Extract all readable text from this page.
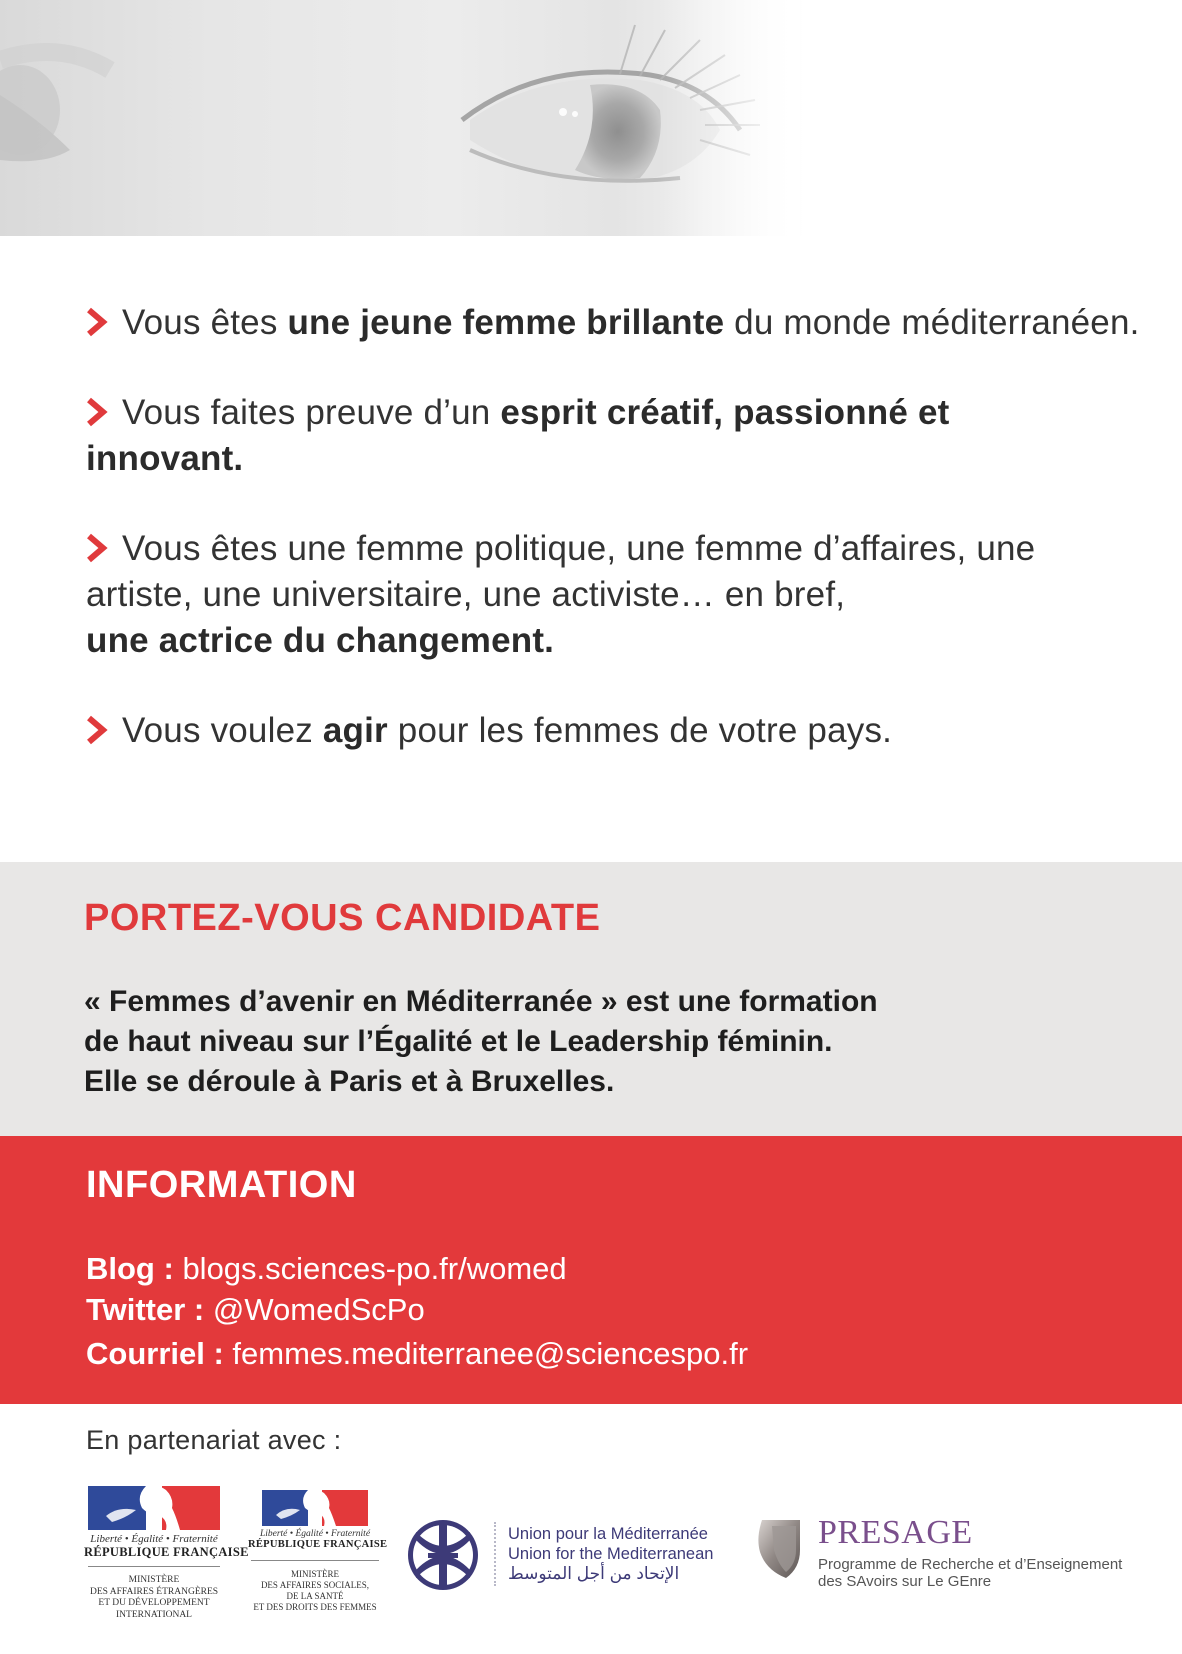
Vous êtes une jeune femme brillante du monde méditerranéen.
Vous faites preuve d’un esprit créatif, passionné et innovant.
Vous êtes une femme politique, une femme d’affaires, une artiste, une universitaire, une activiste… en bref,
une actrice du changement.
Vous voulez agir pour les femmes de votre pays.
PORTEZ-VOUS CANDIDATE
« Femmes d’avenir en Méditerranée » est une formation
de haut niveau sur l’Égalité et le Leadership féminin.
Elle se déroule à Paris et à Bruxelles.
INFORMATION
Blog : blogs.sciences-po.fr/womed
Twitter : @WomedScPo
Courriel : femmes.mediterranee@sciencespo.fr
En partenariat avec :
Liberté • Égalité • Fraternité
RÉPUBLIQUE FRANÇAISE
MINISTÈRE
DES AFFAIRES ÉTRANGÈRES
ET DU DÉVELOPPEMENT
INTERNATIONAL
Liberté • Égalité • Fraternité
RÉPUBLIQUE FRANÇAISE
MINISTÈRE
DES AFFAIRES SOCIALES,
DE LA SANTÉ
ET DES DROITS DES FEMMES
Union pour la Méditerranée
Union for the Mediterranean
الإتحاد من أجل المتوسط
PRESAGE
Programme de Recherche et d’Enseignement
des SAvoirs sur Le GEnre
